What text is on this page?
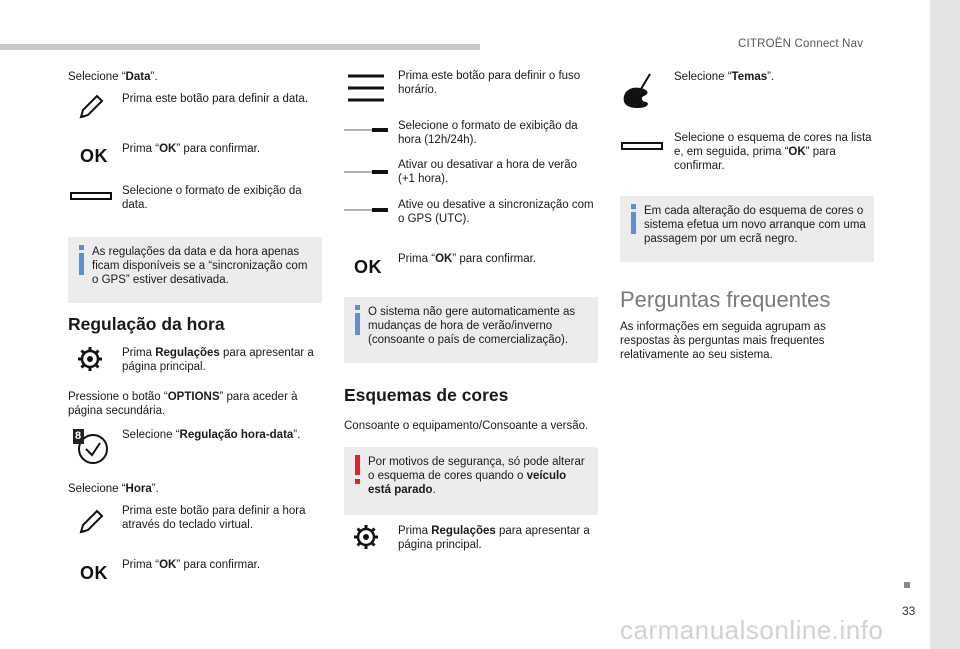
CITROËN Connect Nav
33
carmanualsonline.info
Selecione “Data”.
Prima este botão para definir a data.
OK	Prima “OK” para confirmar.
Selecione o formato de exibição da data.
As regulações da data e da hora apenas ficam disponíveis se a “sincronização com o GPS” estiver desativada.
Regulação da hora
Prima Regulações para apresentar a página principal.
Pressione o botão “OPTIONS” para aceder à página secundária.
8	Selecione “Regulação hora-data”.
Selecione “Hora”.
Prima este botão para definir a hora através do teclado virtual.
OK	Prima “OK” para confirmar.
Prima este botão para definir o fuso horário.
Selecione o formato de exibição da hora (12h/24h).
Ativar ou desativar a hora de verão (+1 hora).
Ative ou desative a sincronização com o GPS (UTC).
OK	Prima “OK” para confirmar.
O sistema não gere automaticamente as mudanças de hora de verão/inverno (consoante o país de comercialização).
Esquemas de cores
Consoante o equipamento/Consoante a versão.
Por motivos de segurança, só pode alterar o esquema de cores quando o veículo está parado.
Prima Regulações para apresentar a página principal.
Selecione “Temas”.
Selecione o esquema de cores na lista e, em seguida, prima “OK” para confirmar.
Em cada alteração do esquema de cores o sistema efetua um novo arranque com uma passagem por um ecrã negro.
Perguntas frequentes
As informações em seguida agrupam as respostas às perguntas mais frequentes relativamente ao seu sistema.
